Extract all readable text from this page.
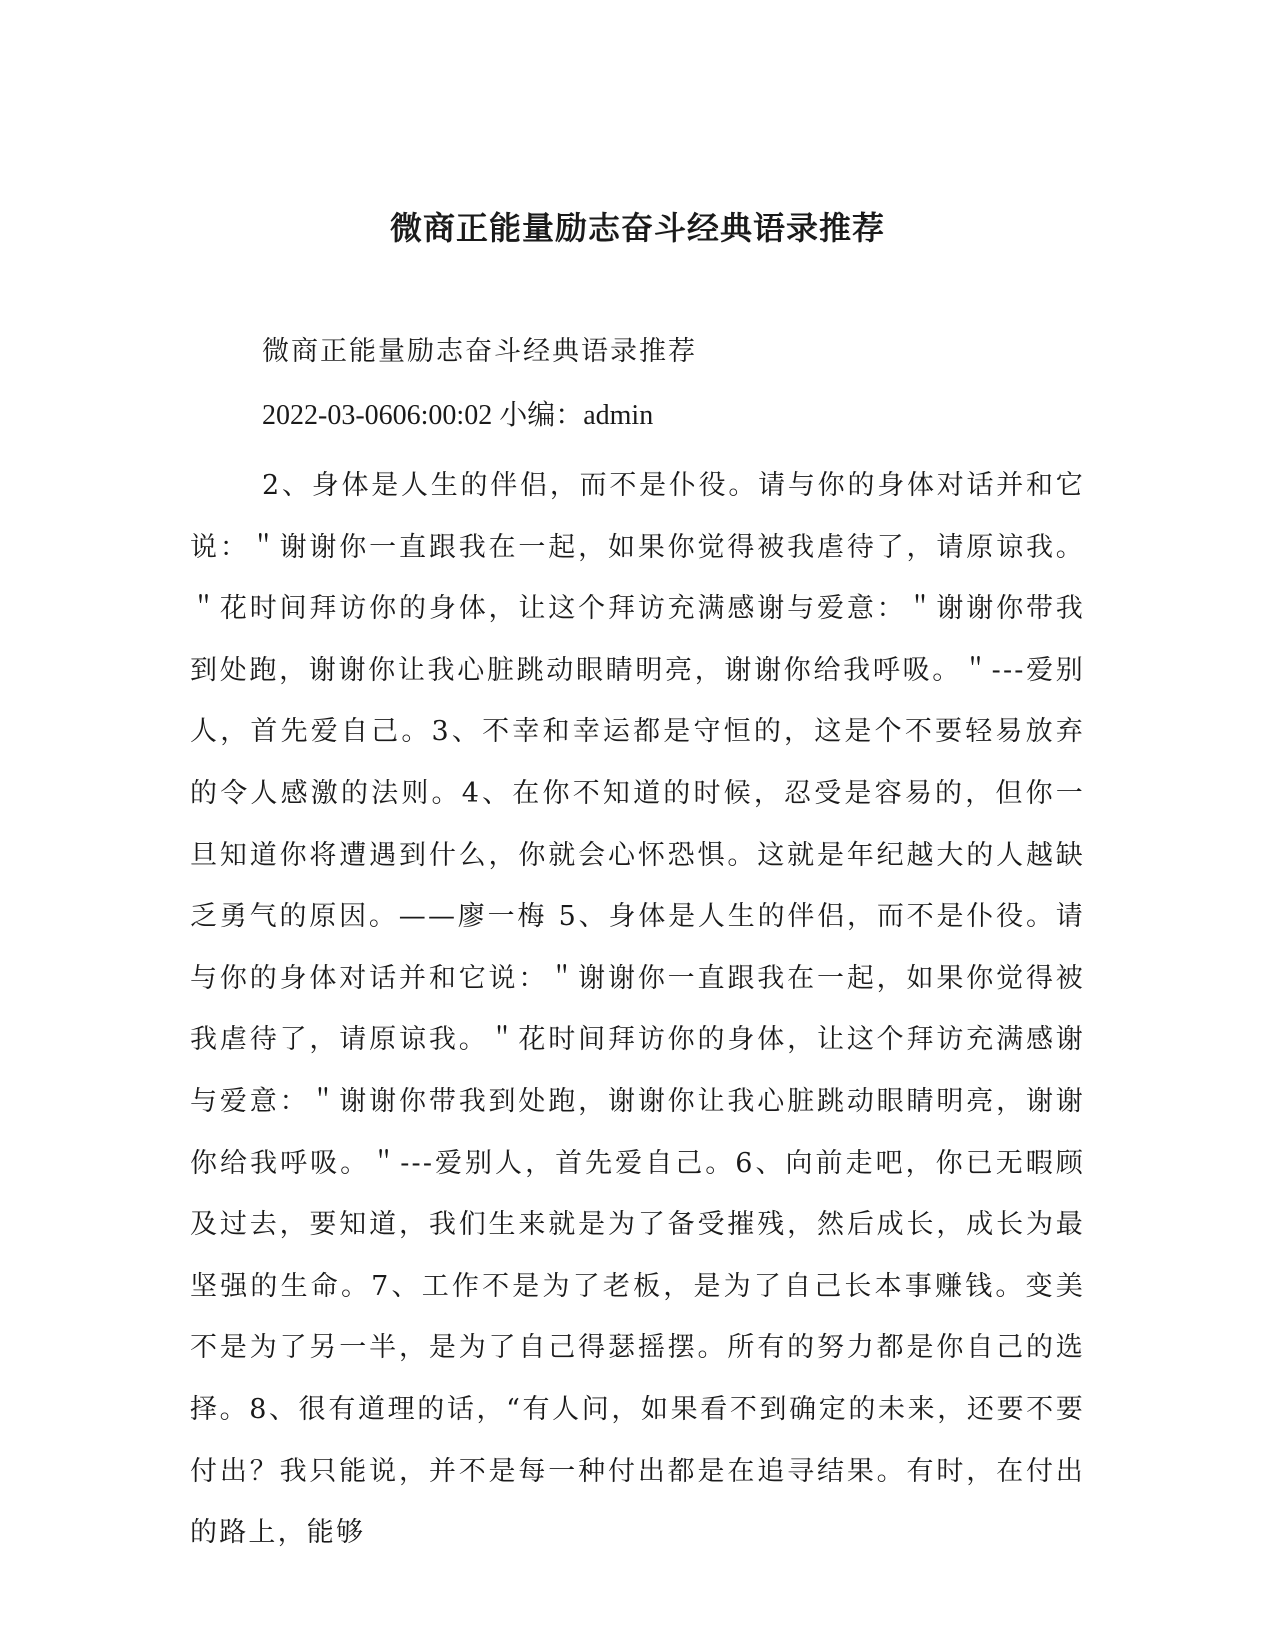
微商正能量励志奋斗经典语录推荐

微商正能量励志奋斗经典语录推荐

2022-03-0606:00:02 小编：admin

2、身体是人生的伴侣，而不是仆役。请与你的身体对话并和它说：＂谢谢你一直跟我在一起，如果你觉得被我虐待了，请原谅我。＂花时间拜访你的身体，让这个拜访充满感谢与爱意：＂谢谢你带我到处跑，谢谢你让我心脏跳动眼睛明亮，谢谢你给我呼吸。＂---爱别人，首先爱自己。3、不幸和幸运都是守恒的，这是个不要轻易放弃的令人感激的法则。4、在你不知道的时候，忍受是容易的，但你一旦知道你将遭遇到什么，你就会心怀恐惧。这就是年纪越大的人越缺乏勇气的原因。——廖一梅 5、身体是人生的伴侣，而不是仆役。请与你的身体对话并和它说：＂谢谢你一直跟我在一起，如果你觉得被我虐待了，请原谅我。＂花时间拜访你的身体，让这个拜访充满感谢与爱意：＂谢谢你带我到处跑，谢谢你让我心脏跳动眼睛明亮，谢谢你给我呼吸。＂---爱别人，首先爱自己。6、向前走吧，你已无暇顾及过去，要知道，我们生来就是为了备受摧残，然后成长，成长为最坚强的生命。7、工作不是为了老板，是为了自己长本事赚钱。变美不是为了另一半，是为了自己得瑟摇摆。所有的努力都是你自己的选择。8、很有道理的话，“有人问，如果看不到确定的未来，还要不要付出？我只能说，并不是每一种付出都是在追寻结果。有时，在付出的路上，能够
